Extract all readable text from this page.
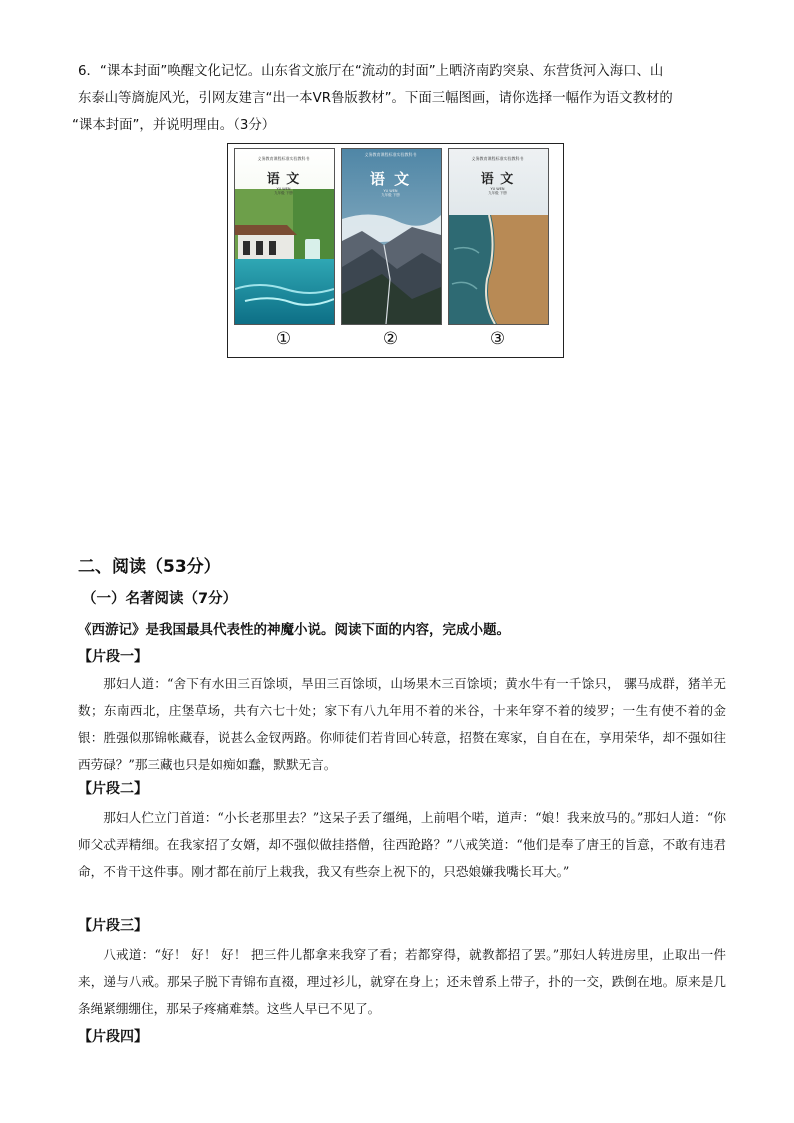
6．“课本封面”唤醒文化记忆。山东省文旅厅在“流动的封面”上晒济南趵突泉、东营货河入海口、山

东泰山等旖旎风光，引网友建言“出一本VR鲁版教材”。下面三幅图画，请你选择一幅作为语文教材的

“课本封面”，并说明理由。（3分）

①	②	③
义务教育课程标准实验教科书
语 文
YU WEN
九年级 下册
义务教育课程标准实验教科书
语 文
YU WEN
九年级 下册
义务教育课程标准实验教科书
语 文
YU WEN
九年级 下册
二、阅读（53分）
（一）名著阅读（7分）
《西游记》是我国最具代表性的神魔小说。阅读下面的内容，完成小题。
【片段一】

那妇人道：“舍下有水田三百馀顷，旱田三百馀顷，山场果木三百馀顷；黄水牛有一千馀只， 骡马成群，猪羊无数；东南西北，庄堡草场，共有六七十处；家下有八九年用不着的米谷，十来年穿不着的绫罗；一生有使不着的金银：胜强似那锦帐藏春，说甚么金钗两路。你师徒们若肯回心转意，招赘在寒家，自自在在，享用荣华，却不强如往西劳碌？”那三藏也只是如痴如蠢，默默无言。

【片段二】

那妇人伫立门首道：“小长老那里去？”这呆子丢了缰绳，上前唱个喏，道声：“娘！我来放马的。”那妇人道：“你师父忒弄精细。在我家招了女婿，却不强似做挂搭僧，往西跄路？”八戒笑道：“他们是奉了唐王的旨意，不敢有违君命，不肯干这件事。刚才都在前厅上栽我，我又有些奈上祝下的，只恐娘嫌我嘴长耳大。”

【片段三】

八戒道：“好！ 好！ 好！ 把三件儿都拿来我穿了看；若都穿得，就教都招了罢。”那妇人转进房里，止取出一件来，递与八戒。那呆子脱下青锦布直裰，理过衫儿，就穿在身上；还未曾系上带子，扑的一交，跌倒在地。原来是几条绳紧绷绷住，那呆子疼痛难禁。这些人早已不见了。

【片段四】
